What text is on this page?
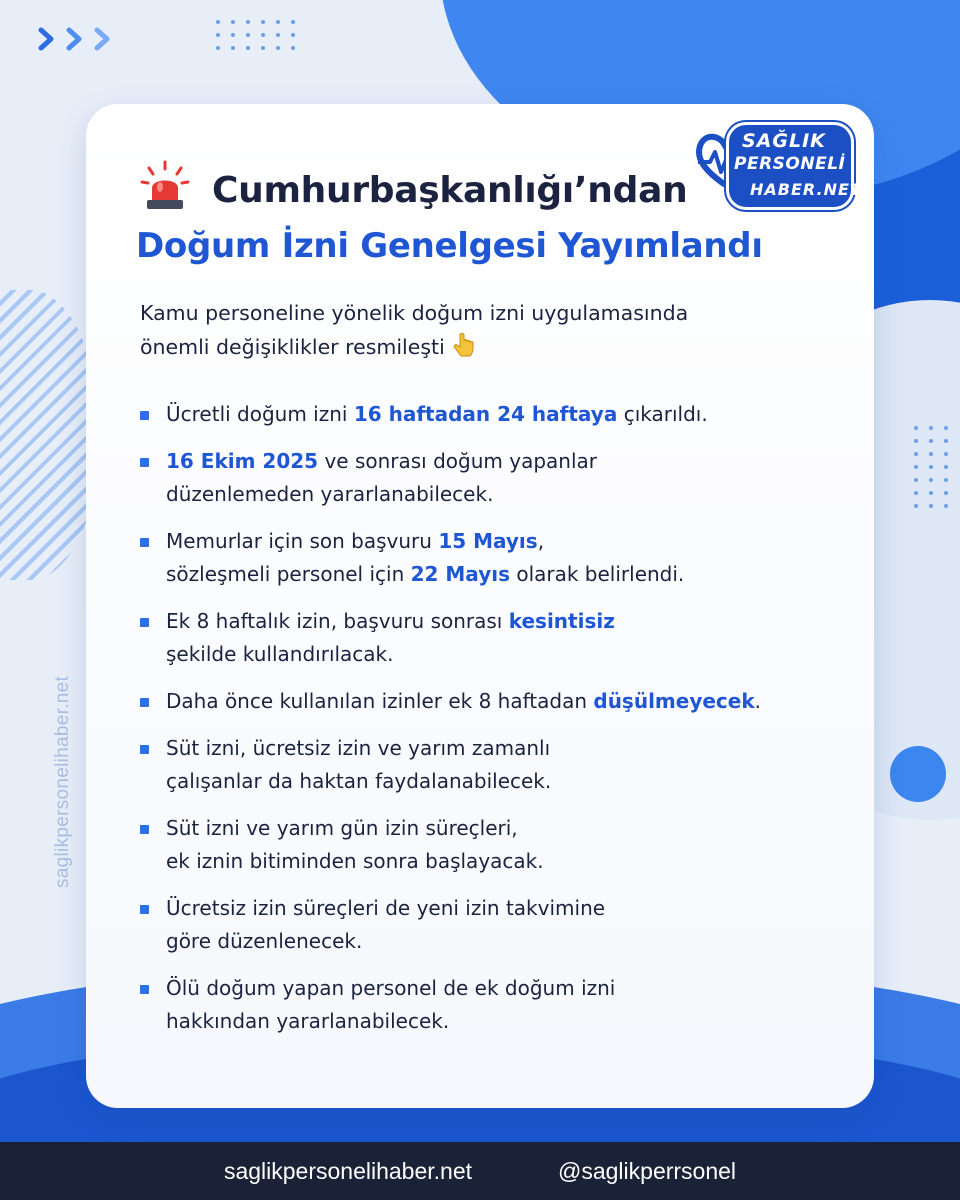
saglikpersonelihaber.net
SAĞLIK
PERSONELİ
HABER.NET
Cumhurbaşkanlığı’ndan
Doğum İzni Genelgesi Yayımlandı
Kamu personeline yönelik doğum izni uygulamasında
önemli değişiklikler resmileşti
Ücretli doğum izni 16 haftadan 24 haftaya çıkarıldı.
16 Ekim 2025 ve sonrası doğum yapanlar
düzenlemeden yararlanabilecek.
Memurlar için son başvuru 15 Mayıs,
sözleşmeli personel için 22 Mayıs olarak belirlendi.
Ek 8 haftalık izin, başvuru sonrası kesintisiz
şekilde kullandırılacak.
Daha önce kullanılan izinler ek 8 haftadan düşülmeyecek.
Süt izni, ücretsiz izin ve yarım zamanlı
çalışanlar da haktan faydalanabilecek.
Süt izni ve yarım gün izin süreçleri,
ek iznin bitiminden sonra başlayacak.
Ücretsiz izin süreçleri de yeni izin takvimine
göre düzenlenecek.
Ölü doğum yapan personel de ek doğum izni
hakkından yararlanabilecek.
saglikpersonelihaber.net	@saglikperrsonel
